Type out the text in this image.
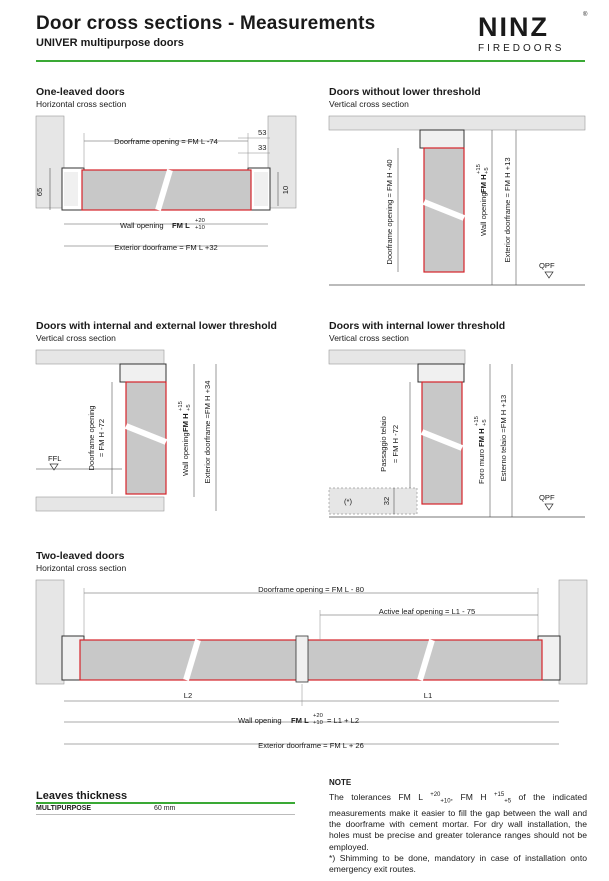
Door cross sections - Measurements
UNIVER multipurpose doors
NINZ	®
FIREDOORS
One-leaved doors
Horizontal cross section
Doors without lower threshold
Vertical cross section
Doors with internal and external lower threshold
Vertical cross section
Doors with internal lower threshold
Vertical cross section
Two-leaved doors
Horizontal cross section
Doorframe opening = FM L -74
53
33
65	10
Wall opening FM L +20
+10
Exterior doorframe = FM L +32	Doorframe opening = FM H -40	Wall opening
FM H
+15 +5 Exterior doorframe = FM H +13
QPF
FFL	Doorframe opening = FM H -72	Wall opening
FM H
+15 +5 Exterior doorframe =FM H +34
(*)	32
Passaggio telaio = FM H -72
Foro muro
FM H
+15 +5 Esterno telaio =FM H +13
QPF
Doorframe opening = FM L - 80
Active leaf opening = L1 - 75
L2	L1
Wall opening FM L +20
+10 = L1 + L2
Exterior doorframe = FM L + 26
Leaves thickness
MULTIPURPOSE	60 mm
NOTE
The tolerances FM L $^{+20}_{+10}$, FM H $^{+15}_{+5}$ of the indicated measurements make it easier to fill the gap between the wall and the doorframe with cement mortar. For dry wall installation, the holes must be precise and greater tolerance ranges should not be employed.
*) Shimming to be done, mandatory in case of installation onto emergency exit routes.
